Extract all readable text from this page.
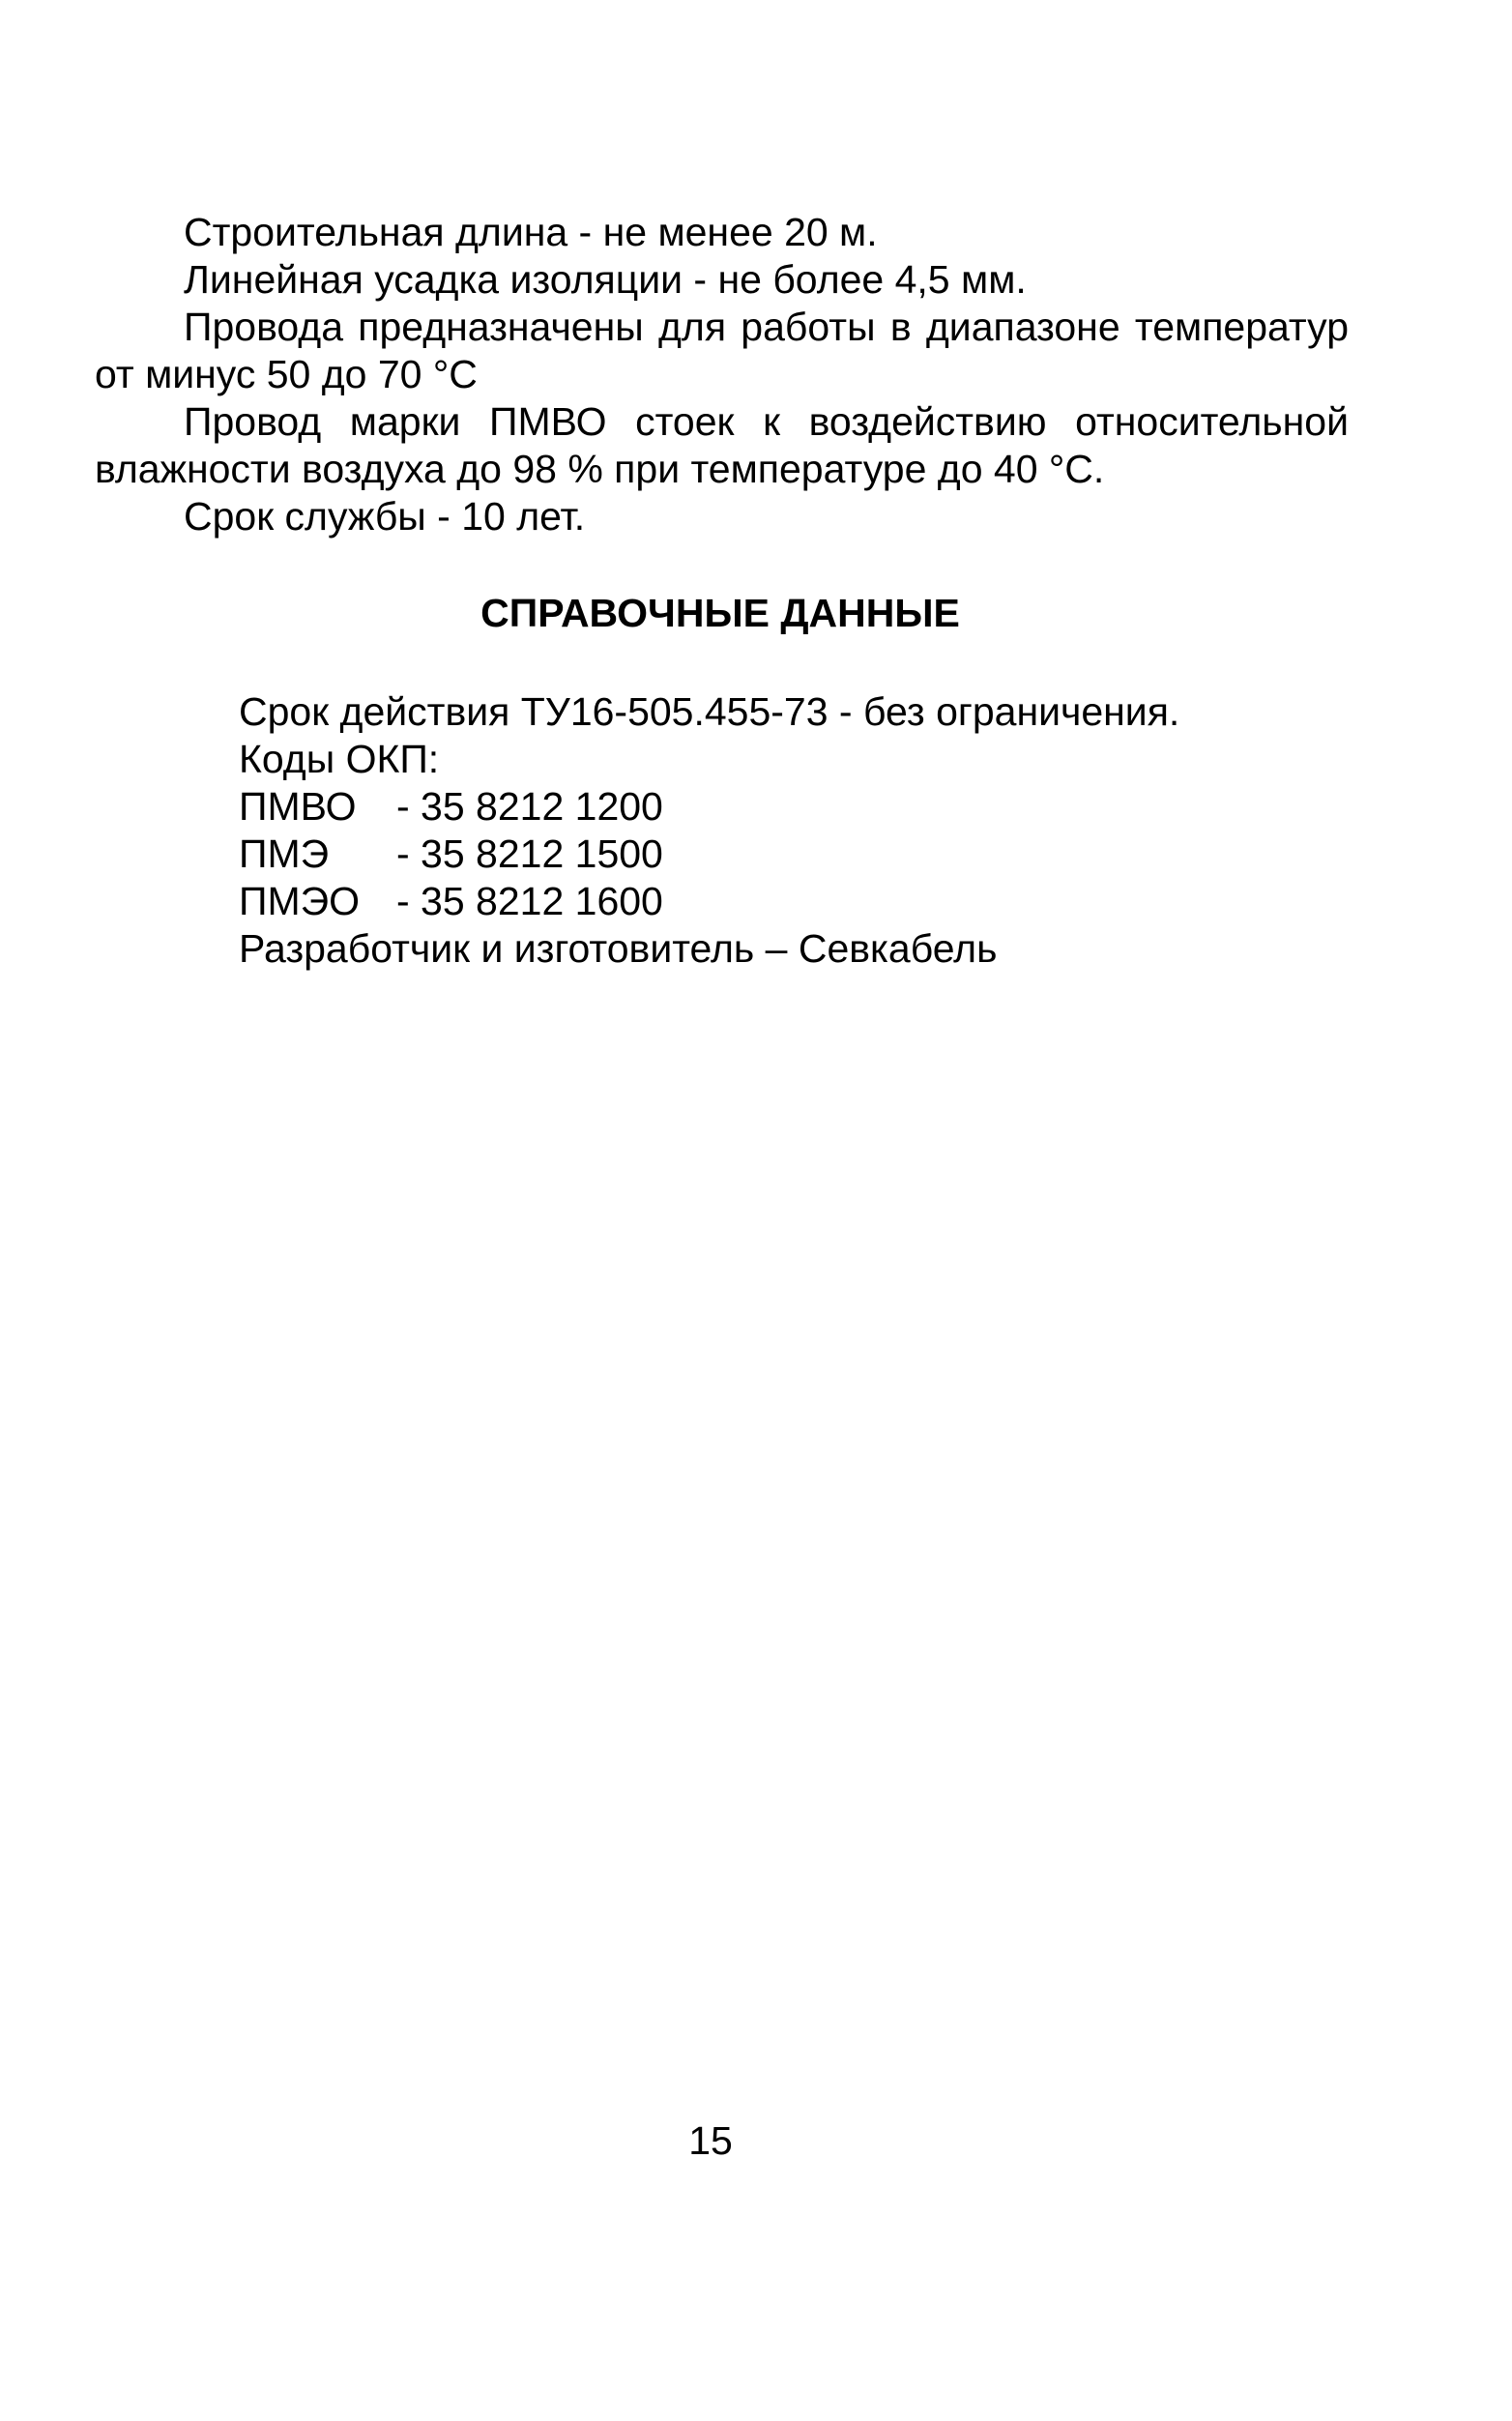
Строительная длина - не менее 20 м.

Линейная усадка изоляции - не более 4,5 мм.

Провода предназначены для работы в диапазоне температур от минус 50 до 70 °С

Провод марки ПМВО стоек к воздействию относительной влажности воздуха до 98 % при температуре до 40 °С.

Срок службы - 10 лет.

СПРАВОЧНЫЕ ДАННЫЕ

Срок действия ТУ16-505.455-73 - без ограничения.

Коды ОКП:

ПМВО	- 35 8212 1200

ПМЭ	- 35 8212 1500

ПМЭО - 35 8212 1600

Разработчик и изготовитель – Севкабель

15
